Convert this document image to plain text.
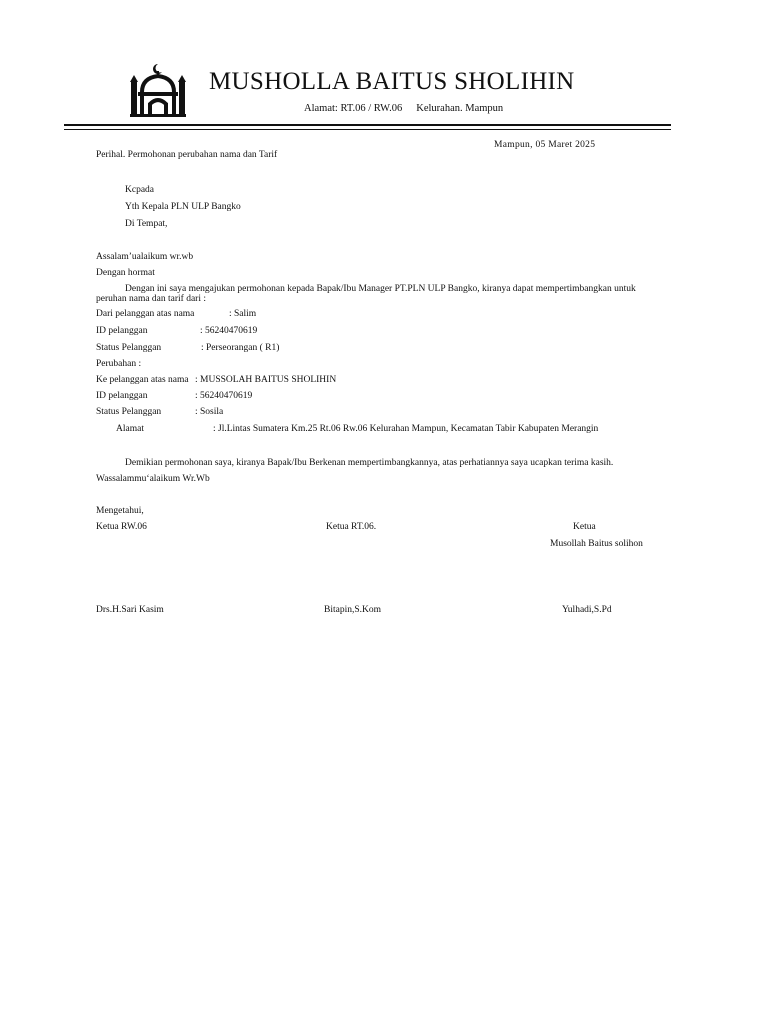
MUSHOLLA BAITUS SHOLIHIN
Alamat: RT.06 / RW.06 Kelurahan. Mampun
Mampun, 05 Maret 2025
Perihal. Permohonan perubahan nama dan Tarif
Kcpada
Yth Kepala PLN ULP Bangko
Di Tempat,
Assalam’ualaikum wr.wb
Dengan hormat
Dengan ini saya mengajukan permohonan kepada Bapak/Ibu Manager PT.PLN ULP Bangko, kiranya dapat mempertimbangkan untuk peruhan nama dan tarif dari :
Dari pelanggan atas nama	: Salim
ID pelanggan	: 56240470619
Status Pelanggan	: Perseorangan ( R1)
Perubahan :
Ke pelanggan atas nama : MUSSOLAH BAITUS SHOLIHIN
ID pelanggan	: 56240470619
Status Pelanggan	: Sosila
Alamat	: Jl.Lintas Sumatera Km.25 Rt.06 Rw.06 Kelurahan Mampun, Kecamatan Tabir Kabupaten Merangin
Demikian permohonan saya, kiranya Bapak/Ibu Berkenan mempertimbangkannya, atas perhatiannya saya ucapkan terima kasih.
Wassalammu‘alaikum Wr.Wb
Mengetahui,
Ketua RW.06	Ketua RT.06.	Ketua
Musollah Baitus solihon
Drs.H.Sari Kasim	Bitapin,S.Kom	Yulhadi,S.Pd
